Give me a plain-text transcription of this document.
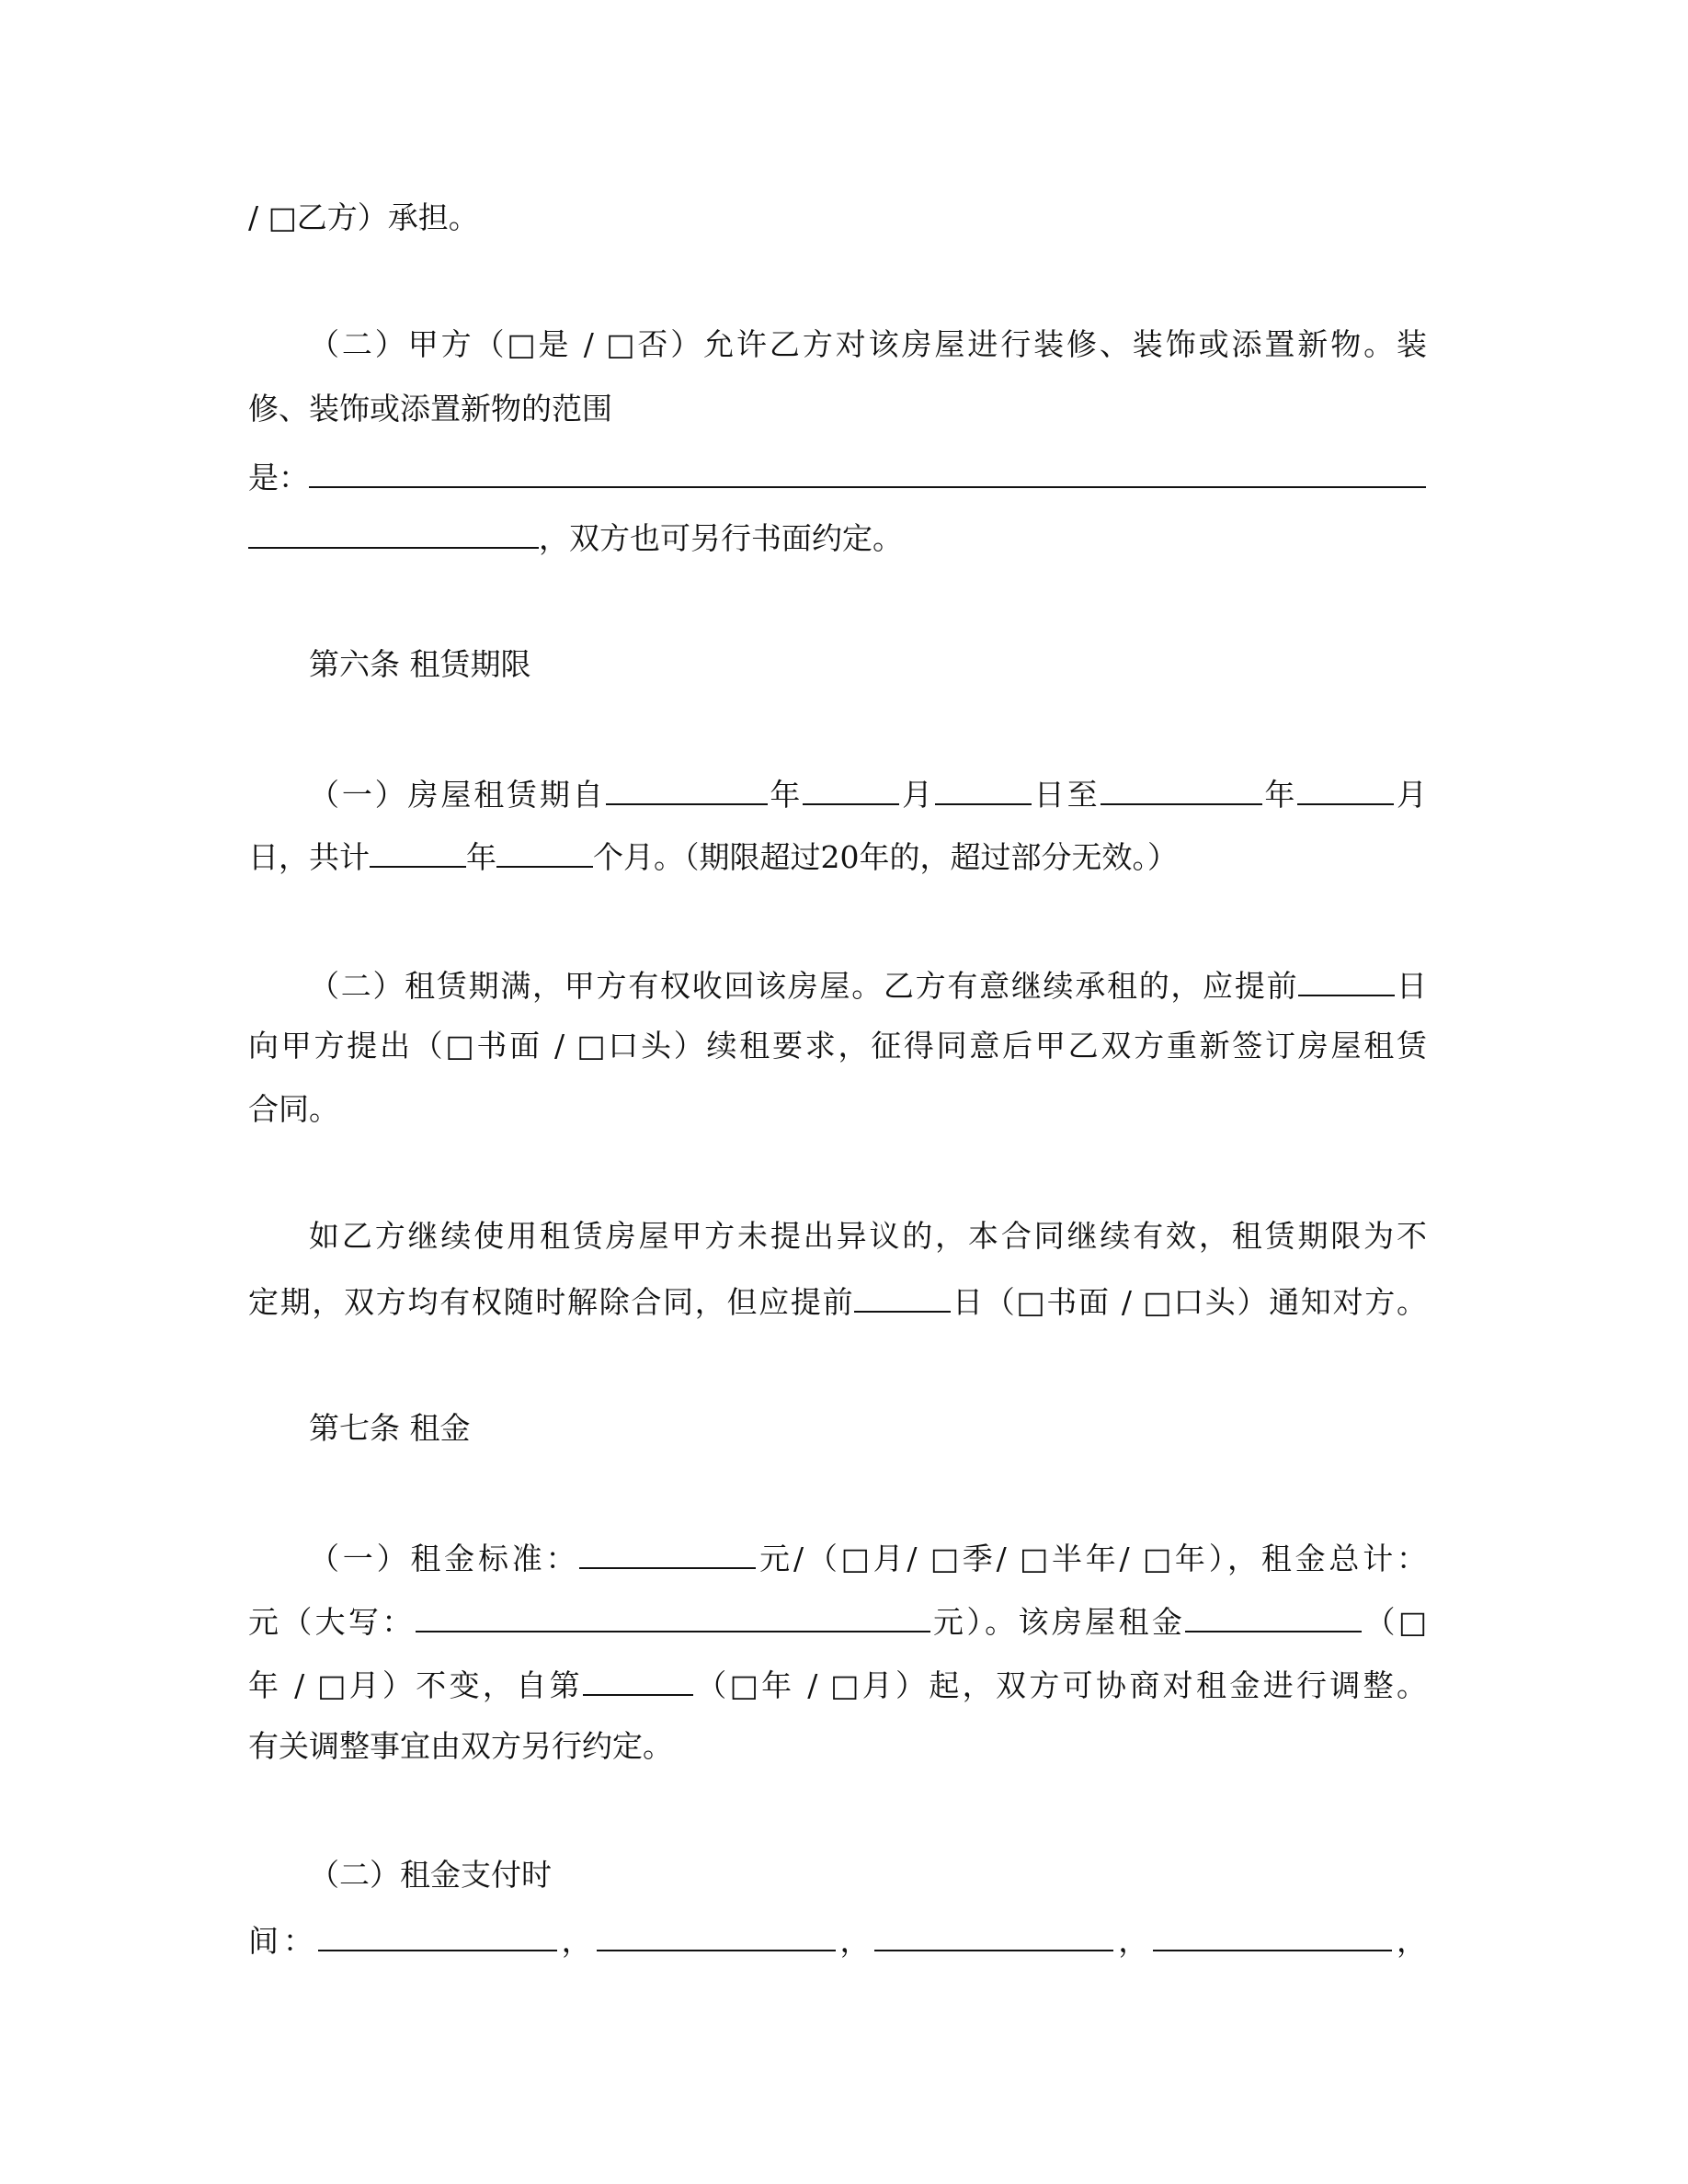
/ □乙方）承担。
（二）甲方（□是 / □否）允许乙方对该房屋进行装修、装饰或添置新物。装
修、装饰或添置新物的范围
是：
，双方也可另行书面约定。
第六条 租赁期限
（一）房屋租赁期自	年	月	日至	年	月
日，共计	年	个月。（期限超过20年的，超过部分无效。）
（二）租赁期满，甲方有权收回该房屋。乙方有意继续承租的，应提前	日
向甲方提出（□书面 / □口头）续租要求，征得同意后甲乙双方重新签订房屋租赁
合同。
如乙方继续使用租赁房屋甲方未提出异议的，本合同继续有效，租赁期限为不
定期，双方均有权随时解除合同，但应提前	日（□书面 / □口头）通知对方。
第七条 租金
（一）租金标准：	元/（□月/ □季/ □半年/ □年），租金总计：
元（大写：	元）。该房屋租金	（□
年 / □月）不变，自第	（□年 / □月）起，双方可协商对租金进行调整。
有关调整事宜由双方另行约定。
（二）租金支付时
间：	，	，	，	，
